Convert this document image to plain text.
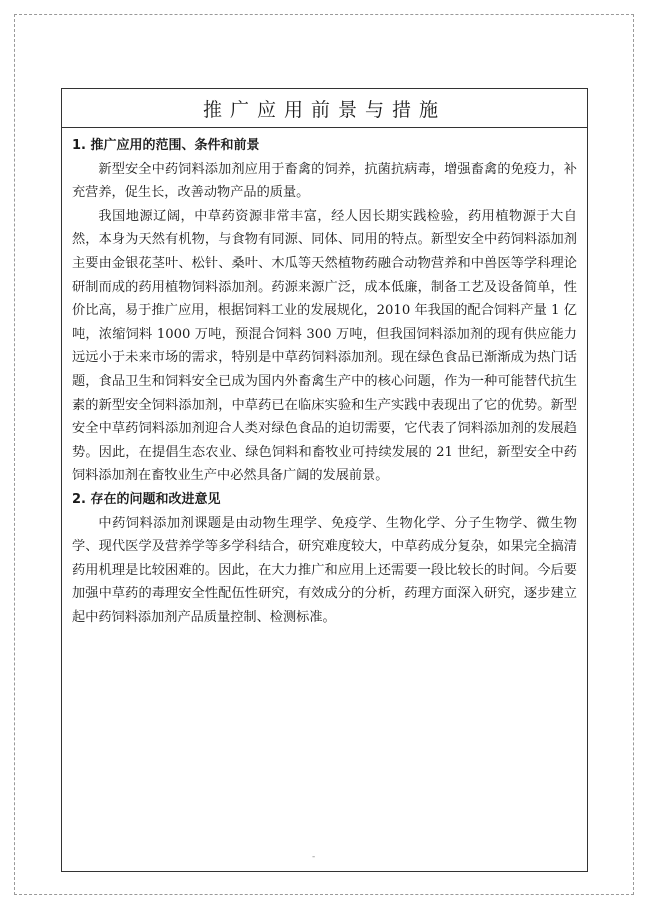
推广应用前景与措施
1. 推广应用的范围、条件和前景

新型安全中药饲料添加剂应用于畜禽的饲养，抗菌抗病毒，增强畜禽的免疫力，补充营养，促生长，改善动物产品的质量。

我国地源辽阔，中草药资源非常丰富，经人因长期实践检验，药用植物源于大自然，本身为天然有机物，与食物有同源、同体、同用的特点。新型安全中药饲料添加剂主要由金银花茎叶、松针、桑叶、木瓜等天然植物药融合动物营养和中兽医等学科理论研制而成的药用植物饲料添加剂。药源来源广泛，成本低廉，制备工艺及设备简单，性价比高，易于推广应用，根据饲料工业的发展规化，2010 年我国的配合饲料产量 1 亿吨，浓缩饲料 1000 万吨，预混合饲料 300 万吨，但我国饲料添加剂的现有供应能力远远小于未来市场的需求，特别是中草药饲料添加剂。现在绿色食品已渐渐成为热门话题，食品卫生和饲料安全已成为国内外畜禽生产中的核心问题，作为一种可能替代抗生素的新型安全饲料添加剂，中草药已在临床实验和生产实践中表现出了它的优势。新型安全中草药饲料添加剂迎合人类对绿色食品的迫切需要，它代表了饲料添加剂的发展趋势。因此，在提倡生态农业、绿色饲料和畜牧业可持续发展的 21 世纪，新型安全中药饲料添加剂在畜牧业生产中必然具备广阔的发展前景。

2. 存在的问题和改进意见

中药饲料添加剂课题是由动物生理学、免疫学、生物化学、分子生物学、微生物学、现代医学及营养学等多学科结合，研究难度较大，中草药成分复杂，如果完全搞清药用机理是比较困难的。因此，在大力推广和应用上还需要一段比较长的时间。今后要加强中草药的毒理安全性配伍性研究，有效成分的分析，药理方面深入研究，逐步建立起中药饲料添加剂产品质量控制、检测标准。

-
